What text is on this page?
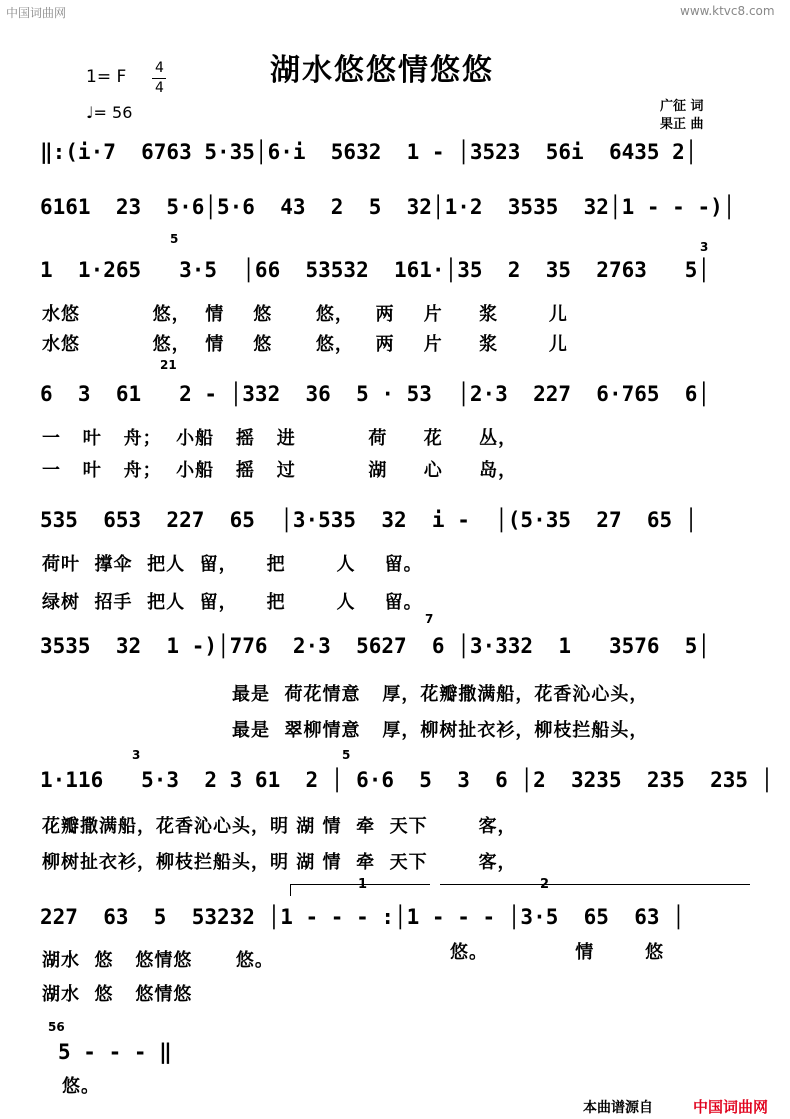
中国词曲网	www.ktvc8.com
湖水悠悠情悠悠
1= F 4
4
♩= 56	广征 词
果正 曲
‖:(i·7  6763 5·35│6·i  5632  1 - │3523  56i  6435 2│
6161  23  5·6│5·6  43  2  5  32│1·2  3535  32│1 - - -)│
5
3
1  1·265   3·5  │66  53532  161·│35  2  35  2763   5│
水悠          悠，  情    悠      悠，   两    片     浆       儿
水悠          悠，  情    悠      悠，   两    片     浆       儿
21
6  3  61   2 - │332  36  5 · 53  │2·3  227  6·765  6│
一   叶   舟；  小船   摇   进          荷     花     丛，
一   叶   舟；  小船   摇   过          湖     心     岛，
535  653  227  65  │3·535  32  i -  │(5·35  27  65 │
荷叶  撑伞  把人  留，    把       人    留。
绿树  招手  把人  留，    把       人    留。
7
3535  32  1 -)│776  2·3  5627  6 │3·332  1   3576  5│
最是  荷花情意   厚，花瓣撒满船，花香沁心头，
最是  翠柳情意   厚，柳树扯衣衫，柳枝拦船头，
3	5
1·116   5·3  2 3 61  2 │ 6·6  5  3  6 │2  3235  235  235 │
花瓣撒满船，花香沁心头，明 湖 情  牵  天下       客，
柳树扯衣衫，柳枝拦船头，明 湖 情  牵  天下       客，
1	2
227  63  5  53232 │1 - - - :│1 - - - │3·5  65  63 │
湖水  悠   悠情悠      悠。	悠。            情       悠
湖水  悠   悠情悠
56
5 - - - ‖
悠。
本曲谱源自	中国词曲网
